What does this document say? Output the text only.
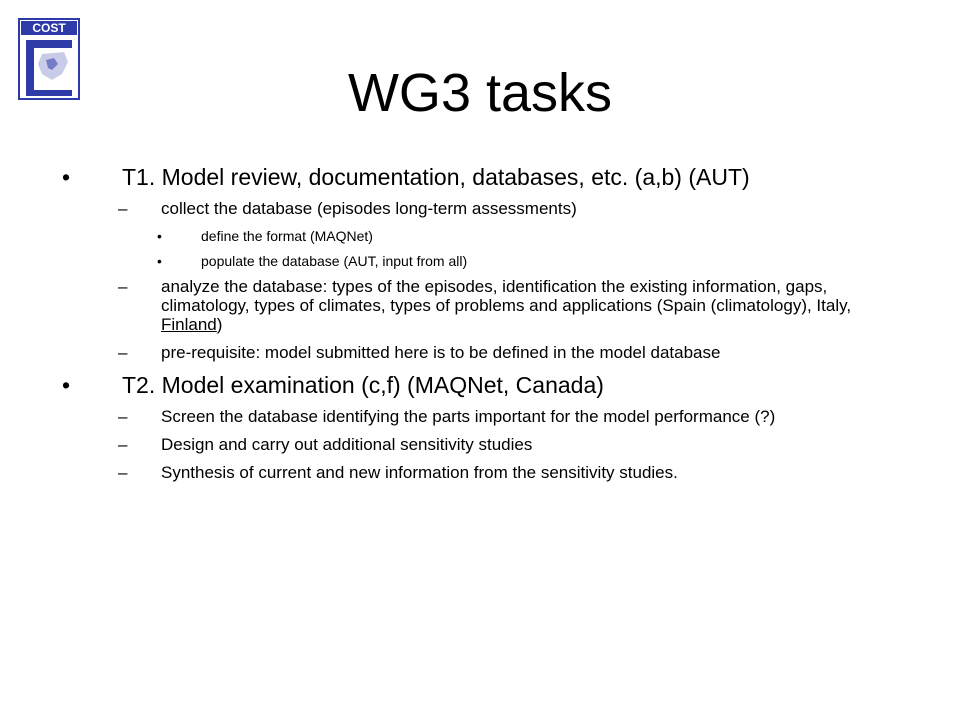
COST
WG3 tasks
• T1. Model review, documentation, databases, etc. (a,b) (AUT)
– collect the database (episodes long-term assessments)
•	define the format (MAQNet)
•	populate the database (AUT, input from all)
– analyze the database: types of the episodes, identification the existing information, gaps, climatology, types of climates, types of problems and applications (Spain (climatology), Italy, Finland)
– pre-requisite: model submitted here is to be defined in the model database
• T2. Model examination (c,f) (MAQNet, Canada)
– Screen the database identifying the parts important for the model performance (?)
– Design and carry out additional sensitivity studies
– Synthesis of current and new information from the sensitivity studies.
